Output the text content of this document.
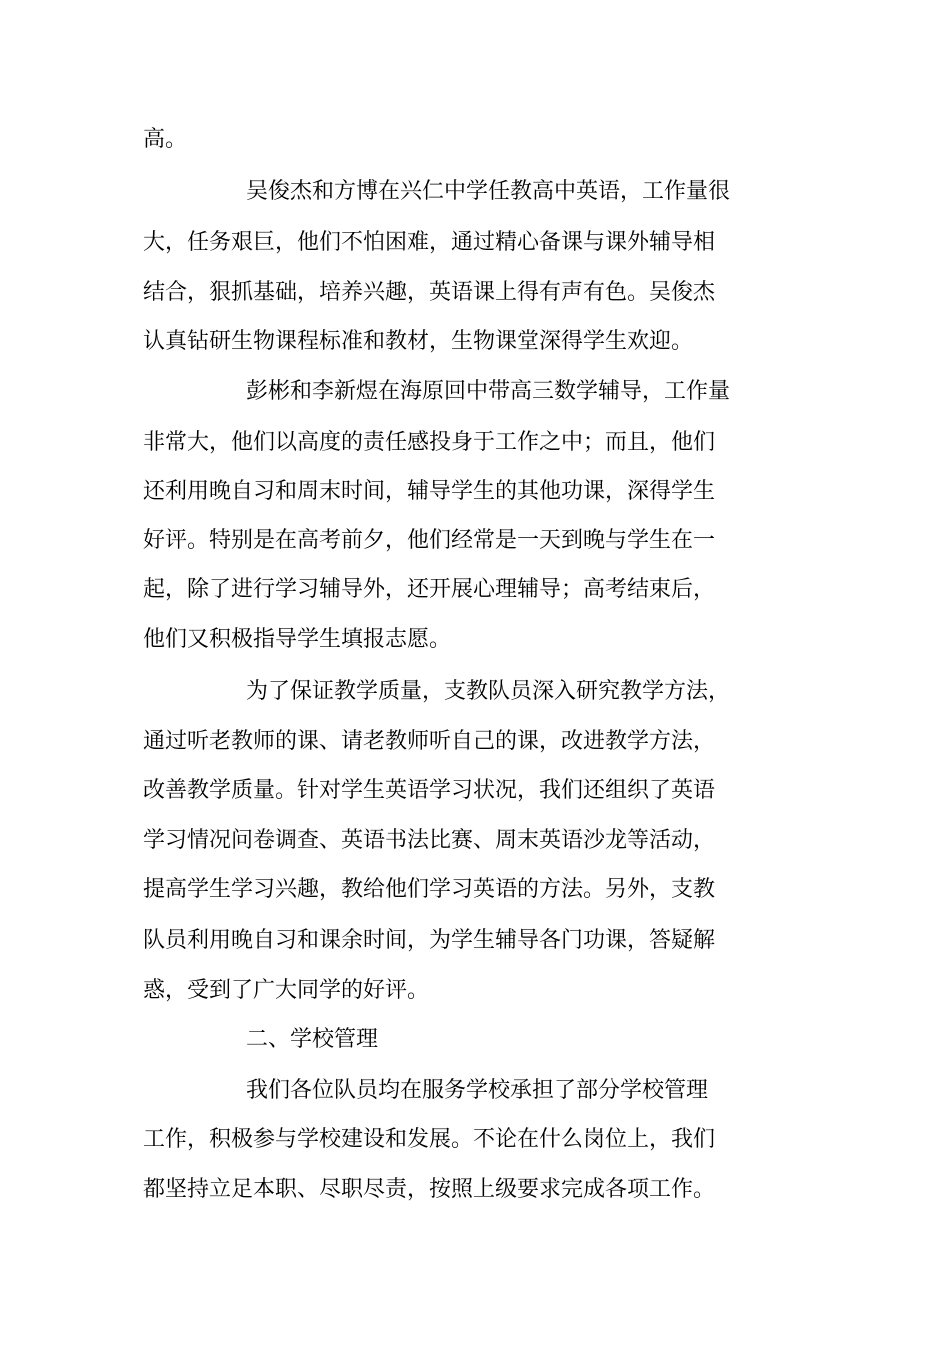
高。

吴俊杰和方博在兴仁中学任教高中英语，工作量很

大，任务艰巨，他们不怕困难，通过精心备课与课外辅导相

结合，狠抓基础，培养兴趣，英语课上得有声有色。吴俊杰

认真钻研生物课程标准和教材，生物课堂深得学生欢迎。

彭彬和李新煜在海原回中带高三数学辅导，工作量

非常大，他们以高度的责任感投身于工作之中；而且，他们

还利用晚自习和周末时间，辅导学生的其他功课，深得学生

好评。特别是在高考前夕，他们经常是一天到晚与学生在一

起，除了进行学习辅导外，还开展心理辅导；高考结束后，

他们又积极指导学生填报志愿。

为了保证教学质量，支教队员深入研究教学方法，

通过听老教师的课、请老教师听自己的课，改进教学方法，

改善教学质量。针对学生英语学习状况，我们还组织了英语

学习情况问卷调查、英语书法比赛、周末英语沙龙等活动，

提高学生学习兴趣，教给他们学习英语的方法。另外，支教

队员利用晚自习和课余时间，为学生辅导各门功课，答疑解

惑，受到了广大同学的好评。

二、学校管理

我们各位队员均在服务学校承担了部分学校管理

工作，积极参与学校建设和发展。不论在什么岗位上，我们

都坚持立足本职、尽职尽责，按照上级要求完成各项工作。
